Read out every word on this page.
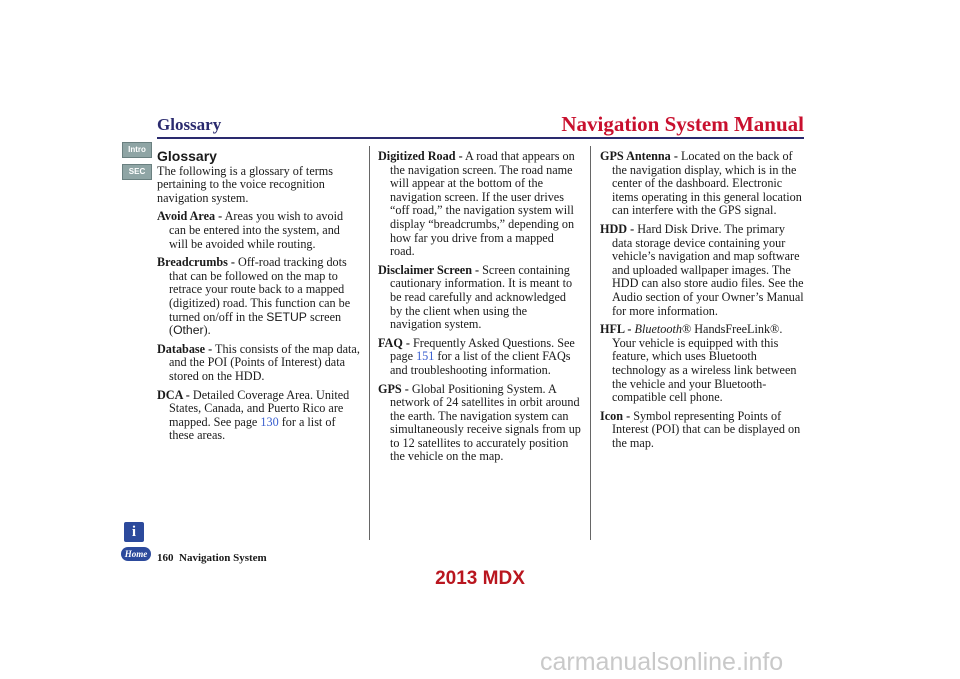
Glossary	Navigation System Manual
Intro
SEC
Glossary

The following is a glossary of terms pertaining to the voice recognition navigation system.

Avoid Area - Areas you wish to avoid can be entered into the system, and will be avoided while routing.
Breadcrumbs - Off-road tracking dots that can be followed on the map to retrace your route back to a mapped (digitized) road. This function can be turned on/off in the SETUP screen (Other).
Database - This consists of the map data, and the POI (Points of Interest) data stored on the HDD.
DCA - Detailed Coverage Area. United States, Canada, and Puerto Rico are mapped. See page 130 for a list of these areas.
Digitized Road - A road that appears on the navigation screen. The road name will appear at the bottom of the navigation screen. If the user drives “off road,” the navigation system will display “breadcrumbs,” depending on how far you drive from a mapped road.
Disclaimer Screen - Screen containing cautionary information. It is meant to be read carefully and acknowledged by the client when using the navigation system.
FAQ - Frequently Asked Questions. See page 151 for a list of the client FAQs and troubleshooting information.
GPS - Global Positioning System. A network of 24 satellites in orbit around the earth. The navigation system can simultaneously receive signals from up to 12 satellites to accurately position the vehicle on the map.
GPS Antenna - Located on the back of the navigation display, which is in the center of the dashboard. Electronic items operating in this general location can interfere with the GPS signal.
HDD - Hard Disk Drive. The primary data storage device containing your vehicle’s navigation and map software and uploaded wallpaper images. The HDD can also store audio files. See the Audio section of your Owner’s Manual for more information.
HFL - Bluetooth® HandsFreeLink®. Your vehicle is equipped with this feature, which uses Bluetooth technology as a wireless link between the vehicle and your Bluetooth-compatible cell phone.
Icon - Symbol representing Points of Interest (POI) that can be displayed on the map.
i
Home 160 Navigation System
2013 MDX
carmanualsonline.info
